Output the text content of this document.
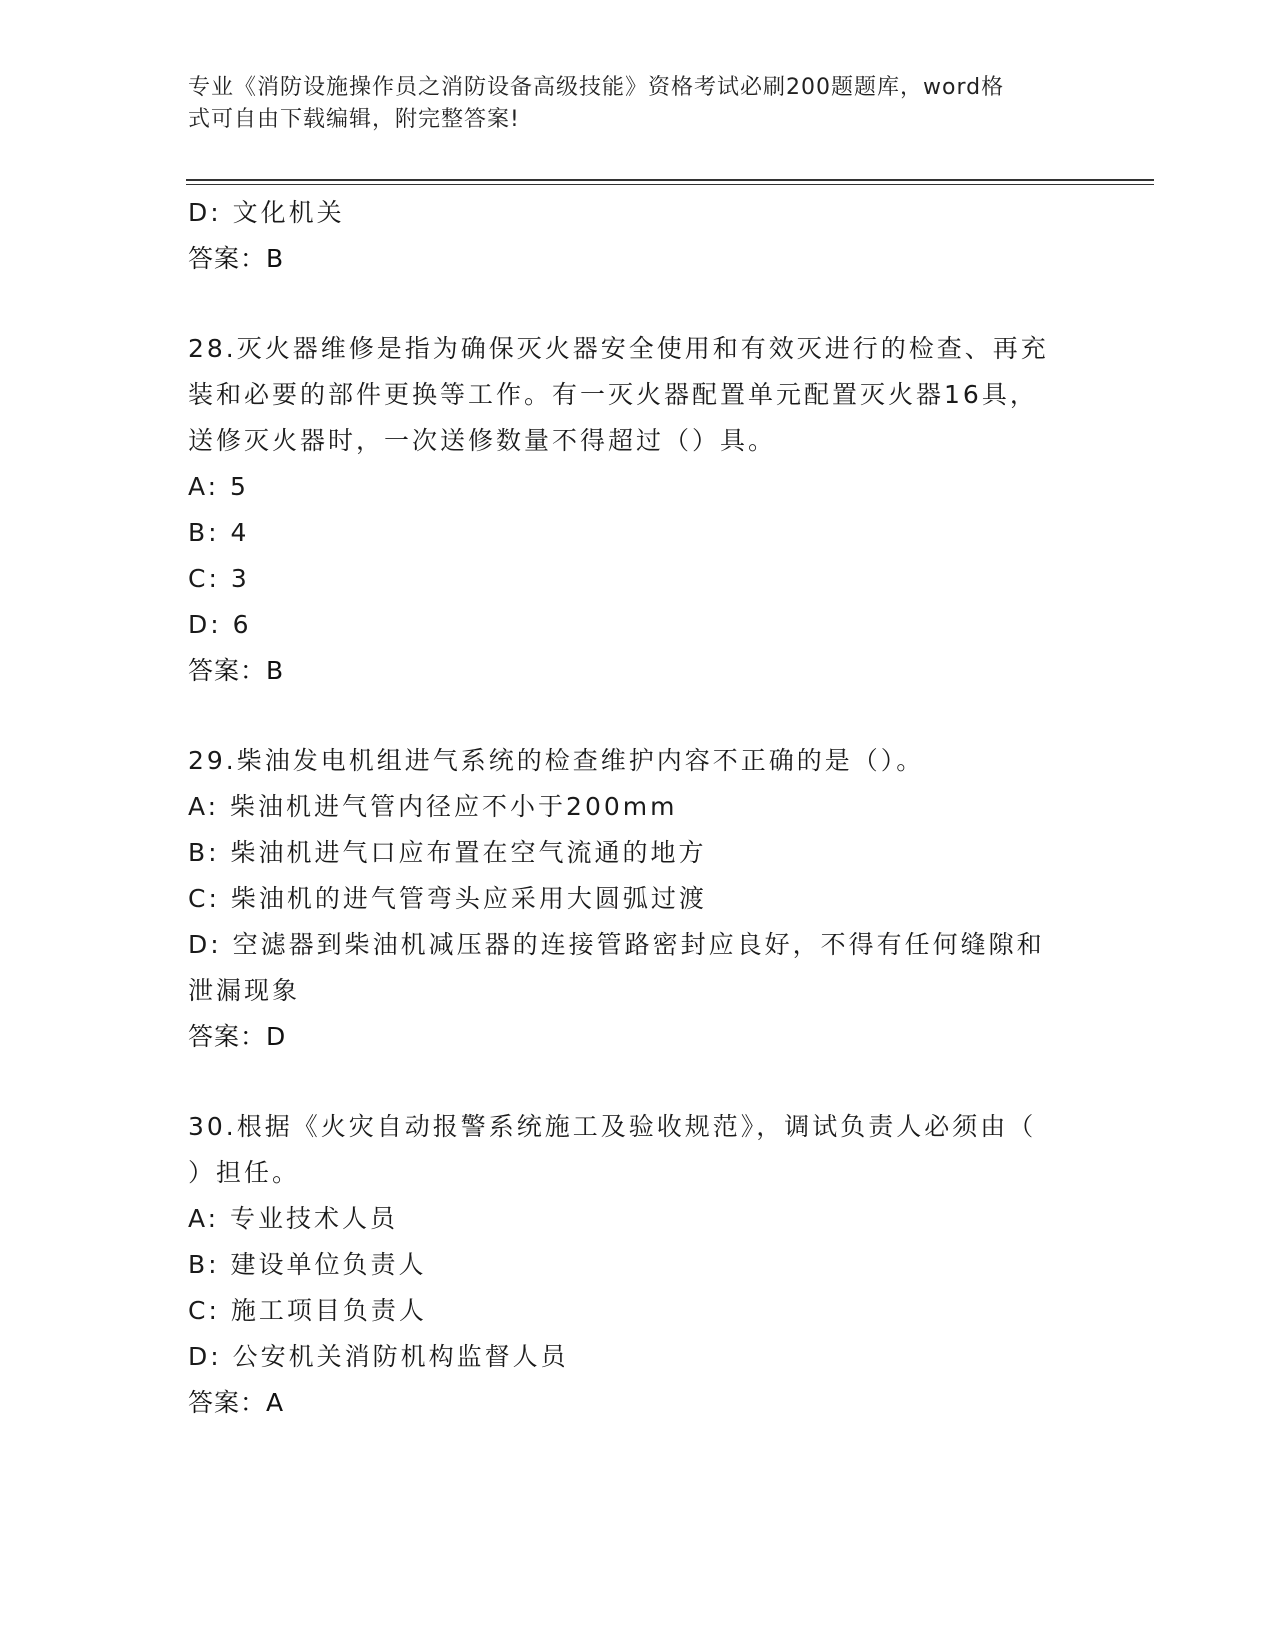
专业《消防设施操作员之消防设备高级技能》资格考试必刷200题题库，word格
式可自由下载编辑，附完整答案!
D: 文化机关
答案：B
28.灭火器维修是指为确保灭火器安全使用和有效灭进行的检查、再充
装和必要的部件更换等工作。有一灭火器配置单元配置灭火器16具，
送修灭火器时，一次送修数量不得超过（）具。
A: 5
B: 4
C: 3
D: 6
答案：B
29.柴油发电机组进气系统的检查维护内容不正确的是（）。
A: 柴油机进气管内径应不小于200mm
B: 柴油机进气口应布置在空气流通的地方
C: 柴油机的进气管弯头应采用大圆弧过渡
D: 空滤器到柴油机减压器的连接管路密封应良好，不得有任何缝隙和
泄漏现象
答案：D
30.根据《火灾自动报警系统施工及验收规范》，调试负责人必须由（
）担任。
A: 专业技术人员
B: 建设单位负责人
C: 施工项目负责人
D: 公安机关消防机构监督人员
答案：A
